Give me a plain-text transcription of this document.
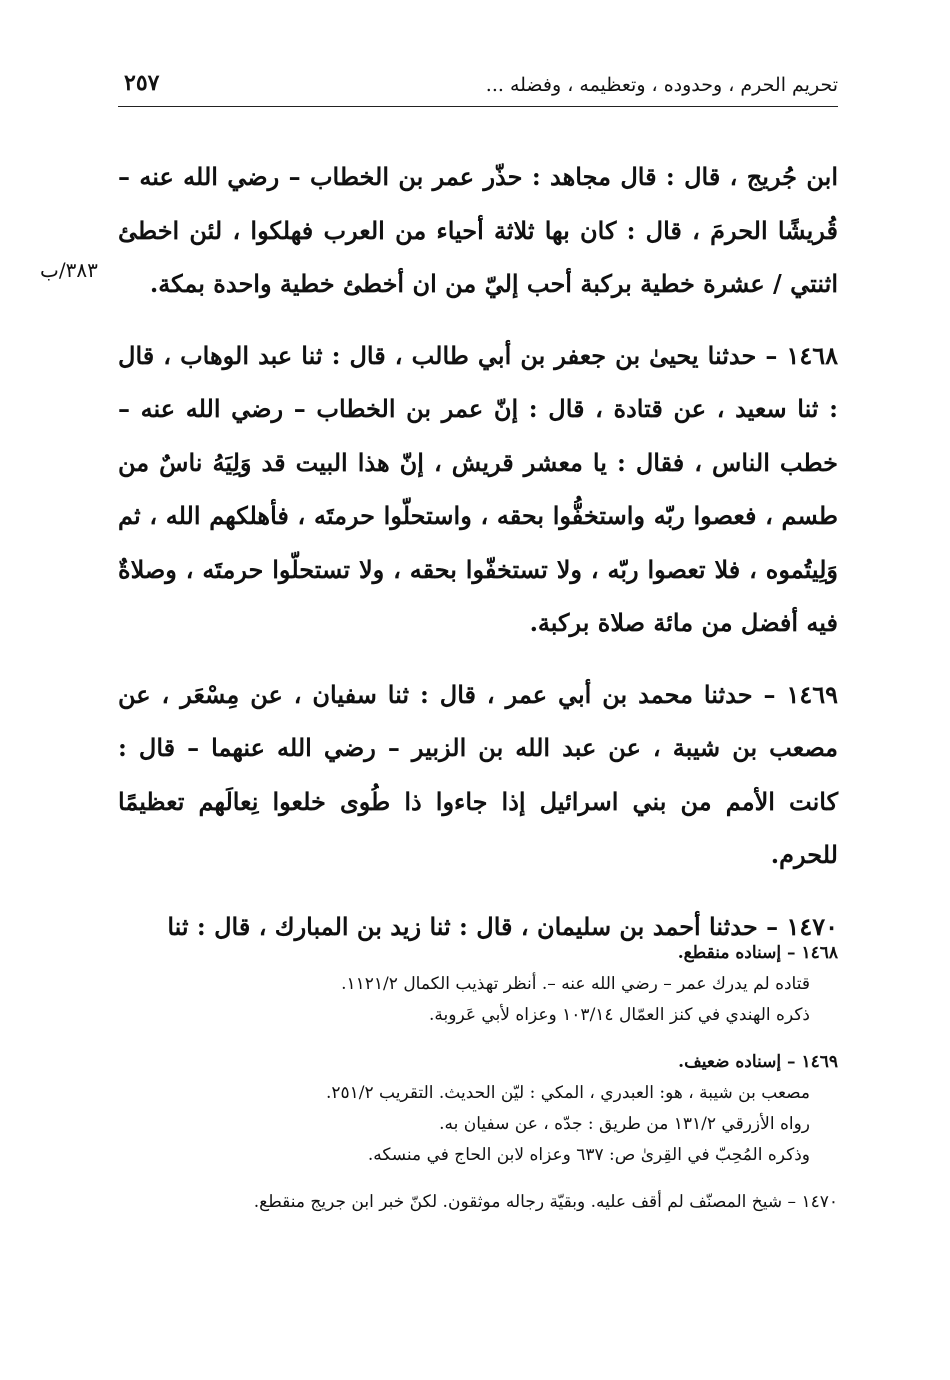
تحريم الحرم ، وحدوده ، وتعظيمه ، وفضله ...
٢٥٧
٣٨٣/ب

ابن جُريج ، قال : قال مجاهد : حذّر عمر بن الخطاب – رضي الله عنه – قُريشًا الحرمَ ، قال : كان بها ثلاثة أحياء من العرب فهلكوا ، لئن اخطئ اثنتي / عشرة خطية بركبة أحب إليّ من ان أخطئ خطية واحدة بمكة.

١٤٦٨ – حدثنا يحيىٰ بن جعفر بن أبي طالب ، قال : ثنا عبد الوهاب ، قال : ثنا سعيد ، عن قتادة ، قال : إنّ عمر بن الخطاب – رضي الله عنه – خطب الناس ، فقال : يا معشر قريش ، إنّ هذا البيت قد وَلِيَهُ ناسٌ من طسم ، فعصوا ربّه واستخفُّوا بحقه ، واستحلّوا حرمتَه ، فأهلكهم الله ، ثم وَلِيتُموه ، فلا تعصوا ربّه ، ولا تستخفّوا بحقه ، ولا تستحلّوا حرمتَه ، وصلاةٌ فيه أفضل من مائة صلاة بركبة.

١٤٦٩ – حدثنا محمد بن أبي عمر ، قال : ثنا سفيان ، عن مِسْعَر ، عن مصعب بن شيبة ، عن عبد الله بن الزبير – رضي الله عنهما – قال : كانت الأمم من بني اسرائيل إذا جاءوا ذا طُوى خلعوا نِعالَهم تعظيمًا للحرم.

١٤٧٠ – حدثنا أحمد بن سليمان ، قال : ثنا زيد بن المبارك ، قال : ثنا

١٤٦٨ – إسناده منقطع.
قتاده لم يدرك عمر – رضي الله عنه –. أنظر تهذيب الكمال ١١٢١/٢.
ذكره الهندي في كنز العمّال ١٠٣/١٤ وعزاه لأبي عَروبة.
١٤٦٩ – إسناده ضعيف.
مصعب بن شيبة ، هو: العبدري ، المكي : ليّن الحديث. التقريب ٢٥١/٢.
رواه الأزرقي ١٣١/٢ من طريق : جدّه ، عن سفيان به.
وذكره المُحِبّ في القِرىٰ ص: ٦٣٧ وعزاه لابن الحاج في منسكه.
١٤٧٠ – شيخ المصنّف لم أقف عليه. وبقيّة رجاله موثقون. لكنّ خبر ابن جريج منقطع.
